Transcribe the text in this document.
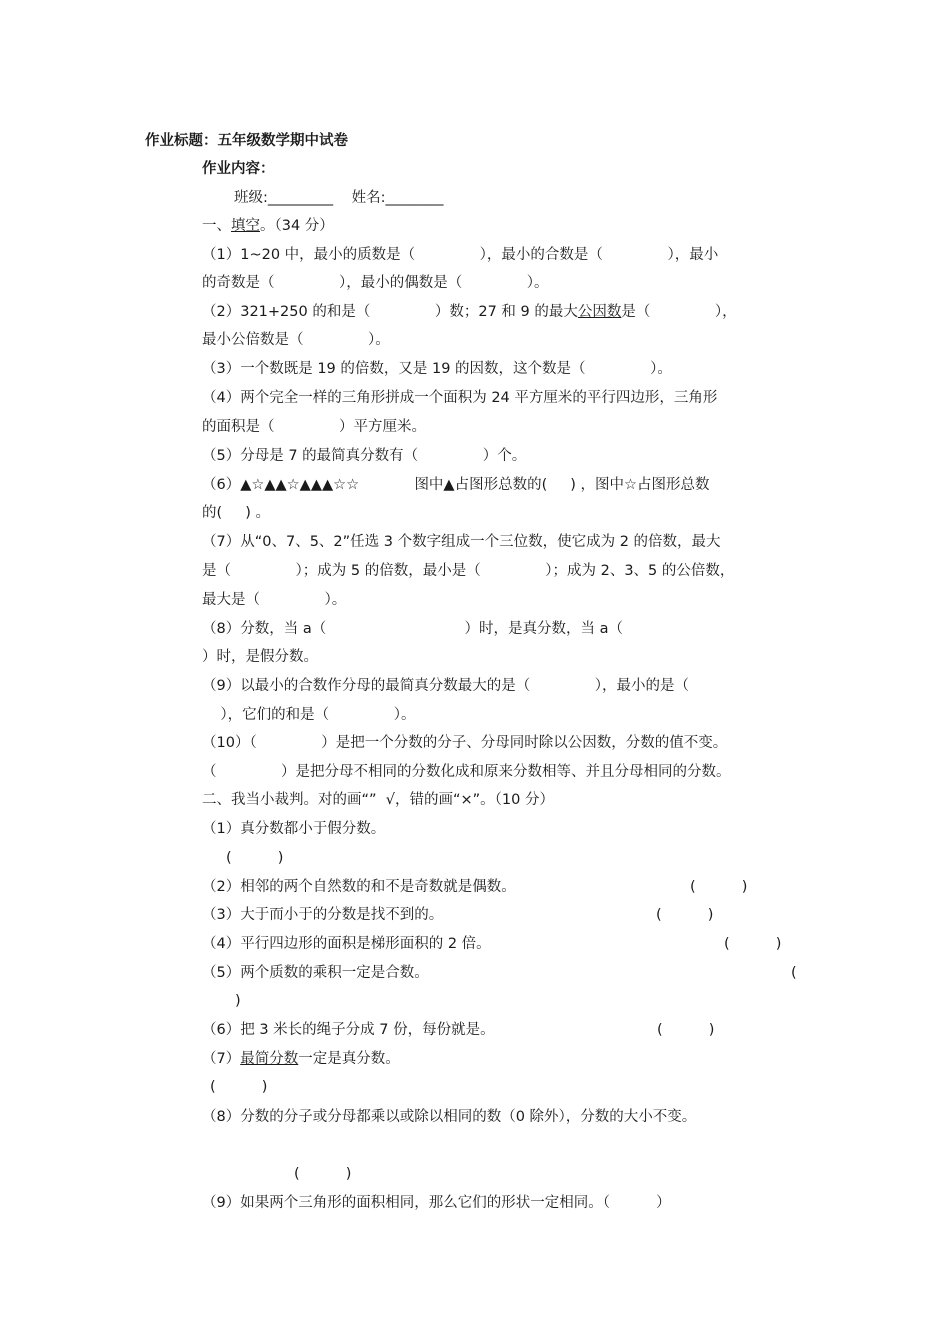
作业标题：五年级数学期中试卷
作业内容：
班级:_________ 姓名:________
一、填空。（34 分）
（1）1~20 中，最小的质数是（              ），最小的合数是（              ），最小
的奇数是（              ），最小的偶数是（              ）。
（2）321+250 的和是（              ）数；27 和 9 的最大公因数是（              ），
最小公倍数是（              ）。
（3）一个数既是 19 的倍数，又是 19 的因数，这个数是（              ）。
（4）两个完全一样的三角形拼成一个面积为 24 平方厘米的平行四边形，三角形
的面积是（              ）平方厘米。
（5）分母是 7 的最简真分数有（              ）个。
（6）▲☆▲▲☆▲▲▲☆☆            图中▲占图形总数的(     ) ，图中☆占图形总数
的(     ) 。
（7）从“0、7、5、2”任选 3 个数字组成一个三位数，使它成为 2 的倍数，最大
是（              ）；成为 5 的倍数，最小是（              ）；成为 2、3、5 的公倍数，
最大是（              ）。
（8）分数，当 a（                              ）时，是真分数，当 a（
）时，是假分数。
（9）以最小的合数作分母的最简真分数最大的是（              ），最小的是（
），它们的和是（              ）。
（10）（              ）是把一个分数的分子、分母同时除以公因数，分数的值不变。
（              ）是把分母不相同的分数化成和原来分数相等、并且分母相同的分数。
二、我当小裁判。对的画“”  √，错的画“×”。（10 分）
（1）真分数都小于假分数。
(          )
（2）相邻的两个自然数的和不是奇数就是偶数。	(          )
（3）大于而小于的分数是找不到的。	(          )
（4）平行四边形的面积是梯形面积的 2 倍。	(          )
（5）两个质数的乘积一定是合数。	(
)
（6）把 3 米长的绳子分成 7 份，每份就是。	(          )
（7）最简分数一定是真分数。
(          )
（8）分数的分子或分母都乘以或除以相同的数（0 除外），分数的大小不变。
(          )
（9）如果两个三角形的面积相同，那么它们的形状一定相同。（          ）
